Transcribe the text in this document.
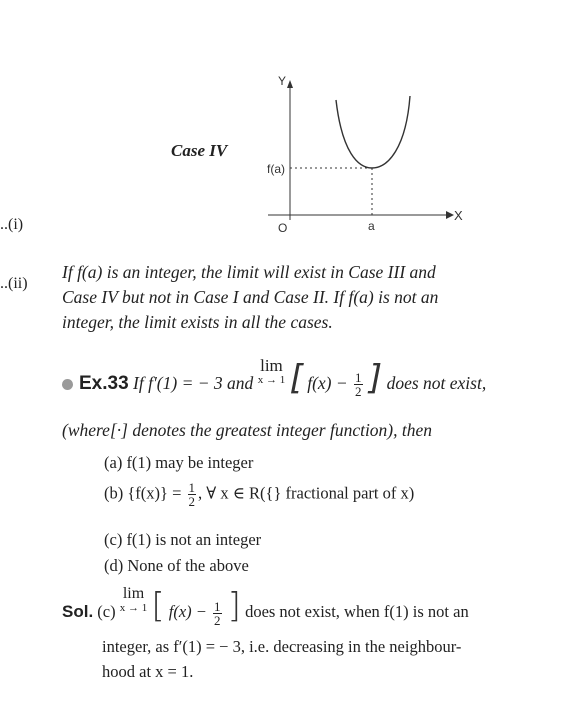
..(i)
..(ii)
Case IV
Y
X
O
f(a)
a
If f(a) is an integer, the limit will exist in Case III and
Case IV but not in Case I and Case II. If f(a) is not an
integer, the limit exists in all the cases.
Ex.33 If f′(1) = − 3 and
lim
x → 1 [ $f(x) - \frac{1}{2}$ ] does not exist,
(where[·] denotes the greatest integer function), then
(a) f(1) may be integer
(b) $\{f(x)\} = \frac{1}{2}$ , ∀ x ∈ R({} fractional part of x)
(c) f(1) is not an integer
(d) None of the above
Sol. (c)
lim
x → 1 [ $f(x) - \frac{1}{2}$ ] does not exist, when f(1) is not an
integer, as f′(1) = − 3, i.e. decreasing in the neighbour-
hood at x = 1.
